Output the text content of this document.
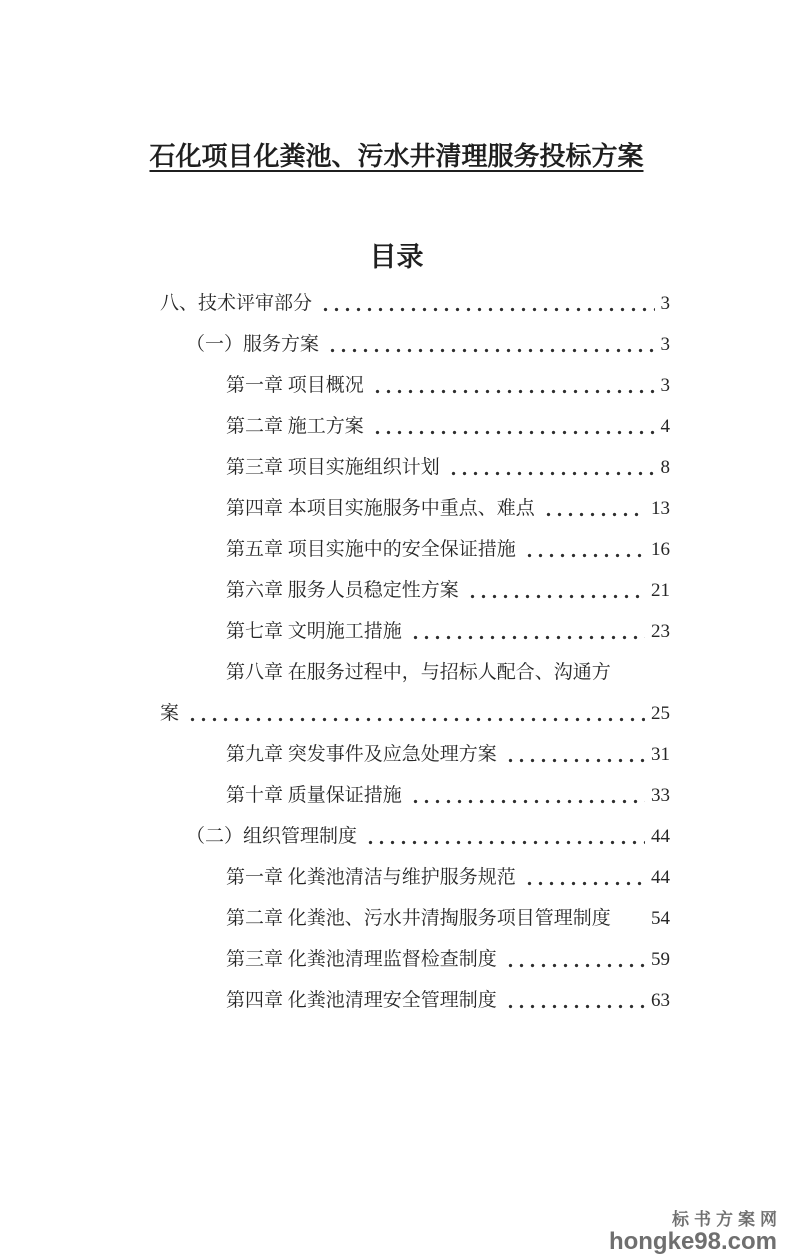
石化项目化粪池、污水井清理服务投标方案
目录
八、技术评审部分	3
（一）服务方案	3
第一章 项目概况	3
第二章 施工方案	4
第三章 项目实施组织计划	8
第四章 本项目实施服务中重点、难点	13
第五章 项目实施中的安全保证措施	16
第六章 服务人员稳定性方案	21
第七章 文明施工措施	23
第八章 在服务过程中，与招标人配合、沟通方
案	25
第九章 突发事件及应急处理方案	31
第十章 质量保证措施	33
（二）组织管理制度	44
第一章 化粪池清洁与维护服务规范	44
第二章 化粪池、污水井清掏服务项目管理制度 54
第三章 化粪池清理监督检查制度	59
第四章 化粪池清理安全管理制度	63
标书方案网
hongke98.com
